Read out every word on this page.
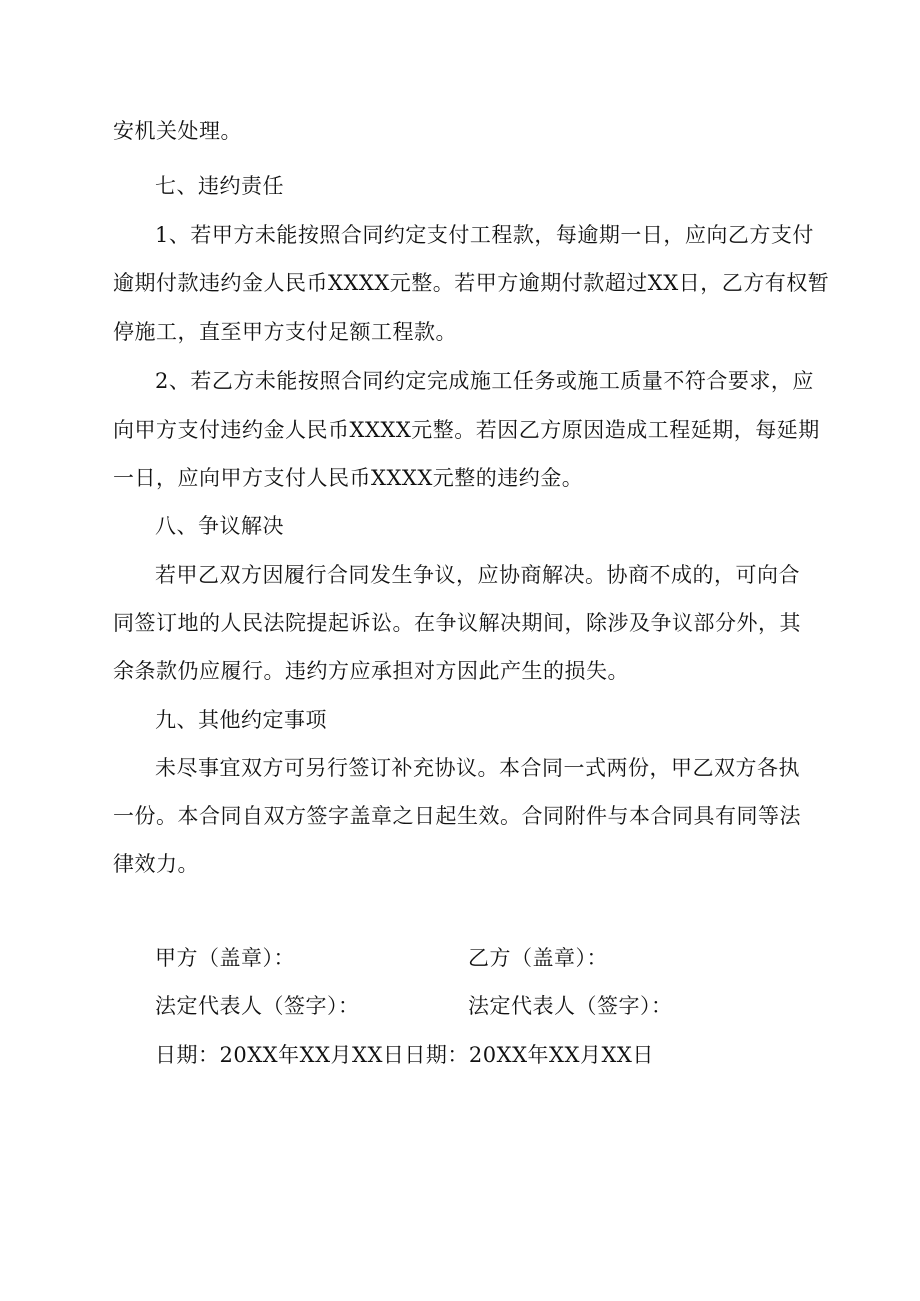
安机关处理。
七、违约责任
1、若甲方未能按照合同约定支付工程款，每逾期一日，应向乙方支付
逾期付款违约金人民币XXXX元整。若甲方逾期付款超过XX日，乙方有权暂
停施工，直至甲方支付足额工程款。
2、若乙方未能按照合同约定完成施工任务或施工质量不符合要求，应
向甲方支付违约金人民币XXXX元整。若因乙方原因造成工程延期，每延期
一日，应向甲方支付人民币XXXX元整的违约金。
八、争议解决
若甲乙双方因履行合同发生争议，应协商解决。协商不成的，可向合
同签订地的人民法院提起诉讼。在争议解决期间，除涉及争议部分外，其
余条款仍应履行。违约方应承担对方因此产生的损失。
九、其他约定事项
未尽事宜双方可另行签订补充协议。本合同一式两份，甲乙双方各执
一份。本合同自双方签字盖章之日起生效。合同附件与本合同具有同等法
律效力。
甲方（盖章）：	乙方（盖章）：
法定代表人（签字）：	法定代表人（签字）：
日期：20XX年XX月XX日日期：20XX年XX月XX日
